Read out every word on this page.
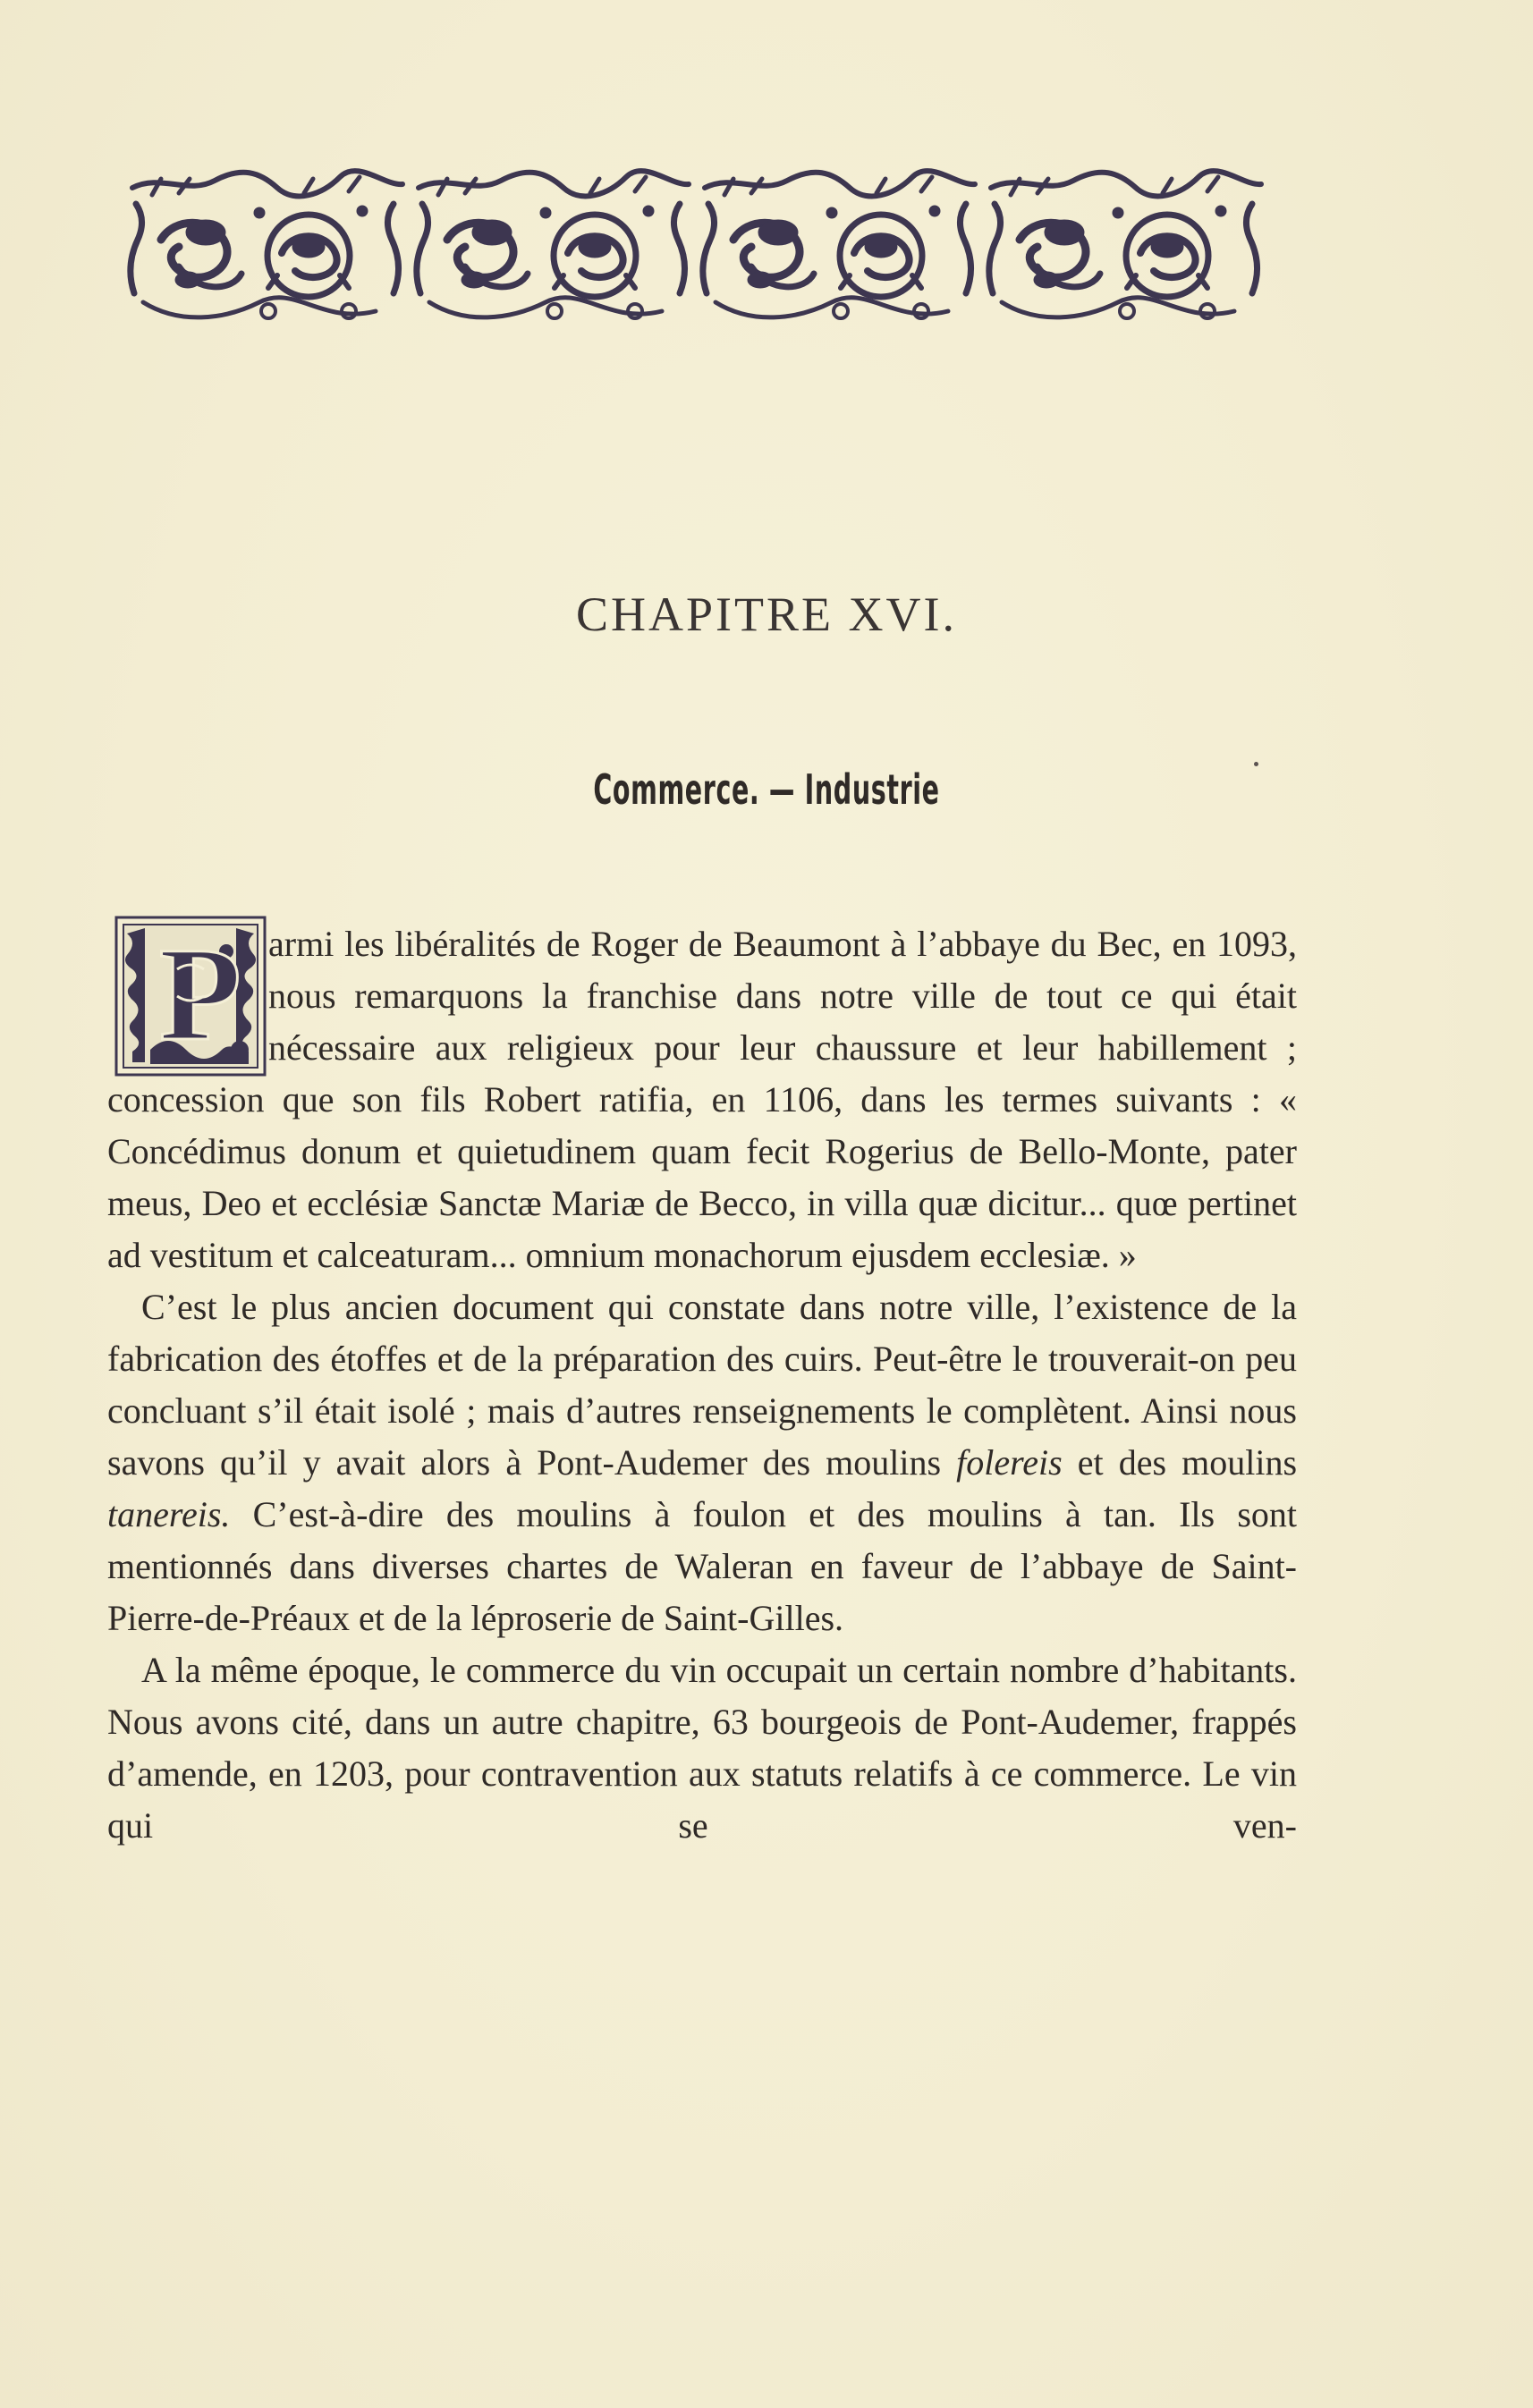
CHAPITRE XVI.
Commerce. — Industrie
P armi les libéralités de Roger de Beaumont à l’abbaye du Bec, en 1093, nous remarquons la franchise dans notre ville de tout ce qui était nécessaire aux religieux pour leur chaussure et leur habillement ; concession que son fils Robert ratifia, en 1106, dans les termes suivants : « Concédimus donum et quietudinem quam fecit Rogerius de Bello-Monte, pater meus, Deo et ecclésiæ Sanctæ Mariæ de Becco, in villa quæ dicitur... quœ pertinet ad vestitum et calceaturam... omnium monachorum ejusdem ecclesiæ. »

C’est le plus ancien document qui constate dans notre ville, l’existence de la fabrication des étoffes et de la préparation des cuirs. Peut-être le trouverait-on peu concluant s’il était isolé ; mais d’autres renseignements le complètent. Ainsi nous savons qu’il y avait alors à Pont-Audemer des moulins folereis et des moulins tanereis. C’est-à-dire des moulins à foulon et des moulins à tan. Ils sont mentionnés dans diverses chartes de Waleran en faveur de l’abbaye de Saint-Pierre-de-Préaux et de la léproserie de Saint-Gilles.

A la même époque, le commerce du vin occupait un certain nombre d’habitants. Nous avons cité, dans un autre chapitre, 63 bourgeois de Pont-Audemer, frappés d’amende, en 1203, pour contravention aux statuts relatifs à ce commerce. Le vin qui se ven-
